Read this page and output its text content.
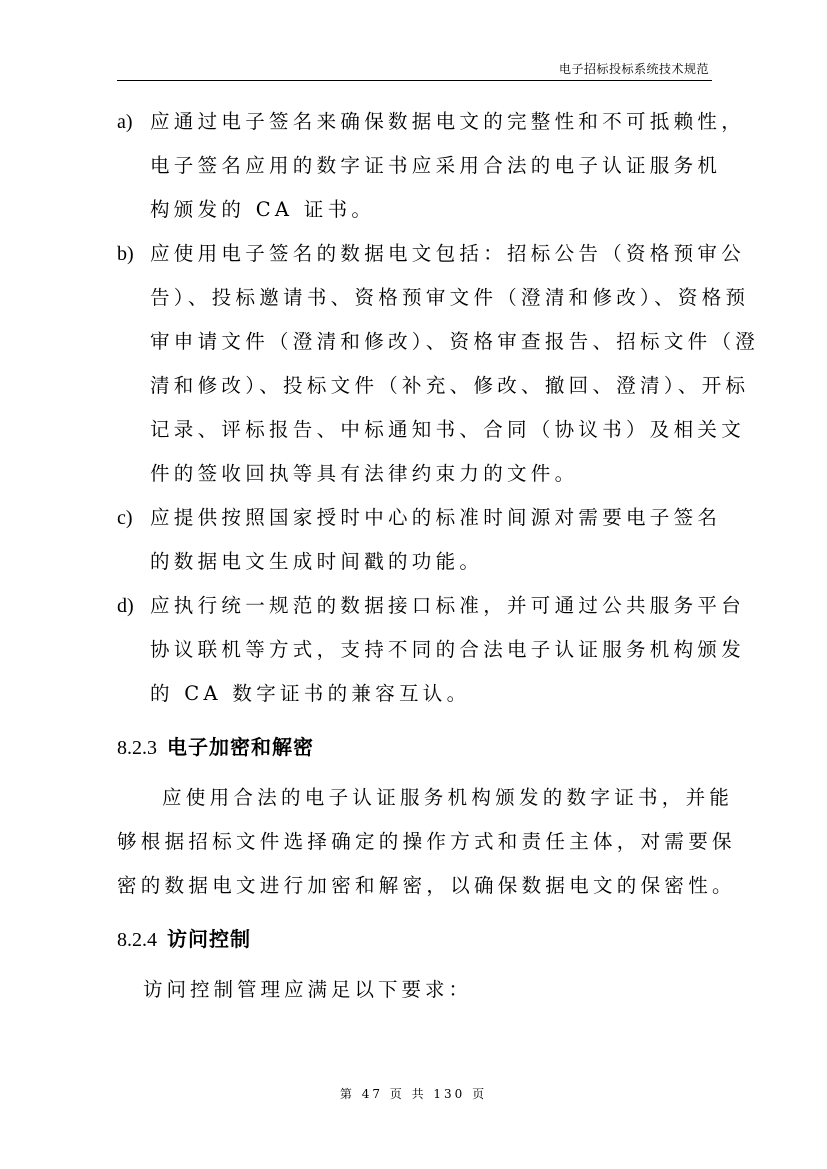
电子招标投标系统技术规范
a) 应通过电子签名来确保数据电文的完整性和不可抵赖性，
电子签名应用的数字证书应采用合法的电子认证服务机
构颁发的 CA 证书。
b) 应使用电子签名的数据电文包括：招标公告（资格预审公
告）、投标邀请书、资格预审文件（澄清和修改）、资格预
审申请文件（澄清和修改）、资格审查报告、招标文件（澄
清和修改）、投标文件（补充、修改、撤回、澄清）、开标
记录、评标报告、中标通知书、合同（协议书）及相关文
件的签收回执等具有法律约束力的文件。
c) 应提供按照国家授时中心的标准时间源对需要电子签名
的数据电文生成时间戳的功能。
d) 应执行统一规范的数据接口标准，并可通过公共服务平台
协议联机等方式，支持不同的合法电子认证服务机构颁发
的 CA 数字证书的兼容互认。
8.2.3 电子加密和解密
应使用合法的电子认证服务机构颁发的数字证书，并能
够根据招标文件选择确定的操作方式和责任主体，对需要保
密的数据电文进行加密和解密，以确保数据电文的保密性。
8.2.4 访问控制
访问控制管理应满足以下要求：
第 47 页 共 130 页
